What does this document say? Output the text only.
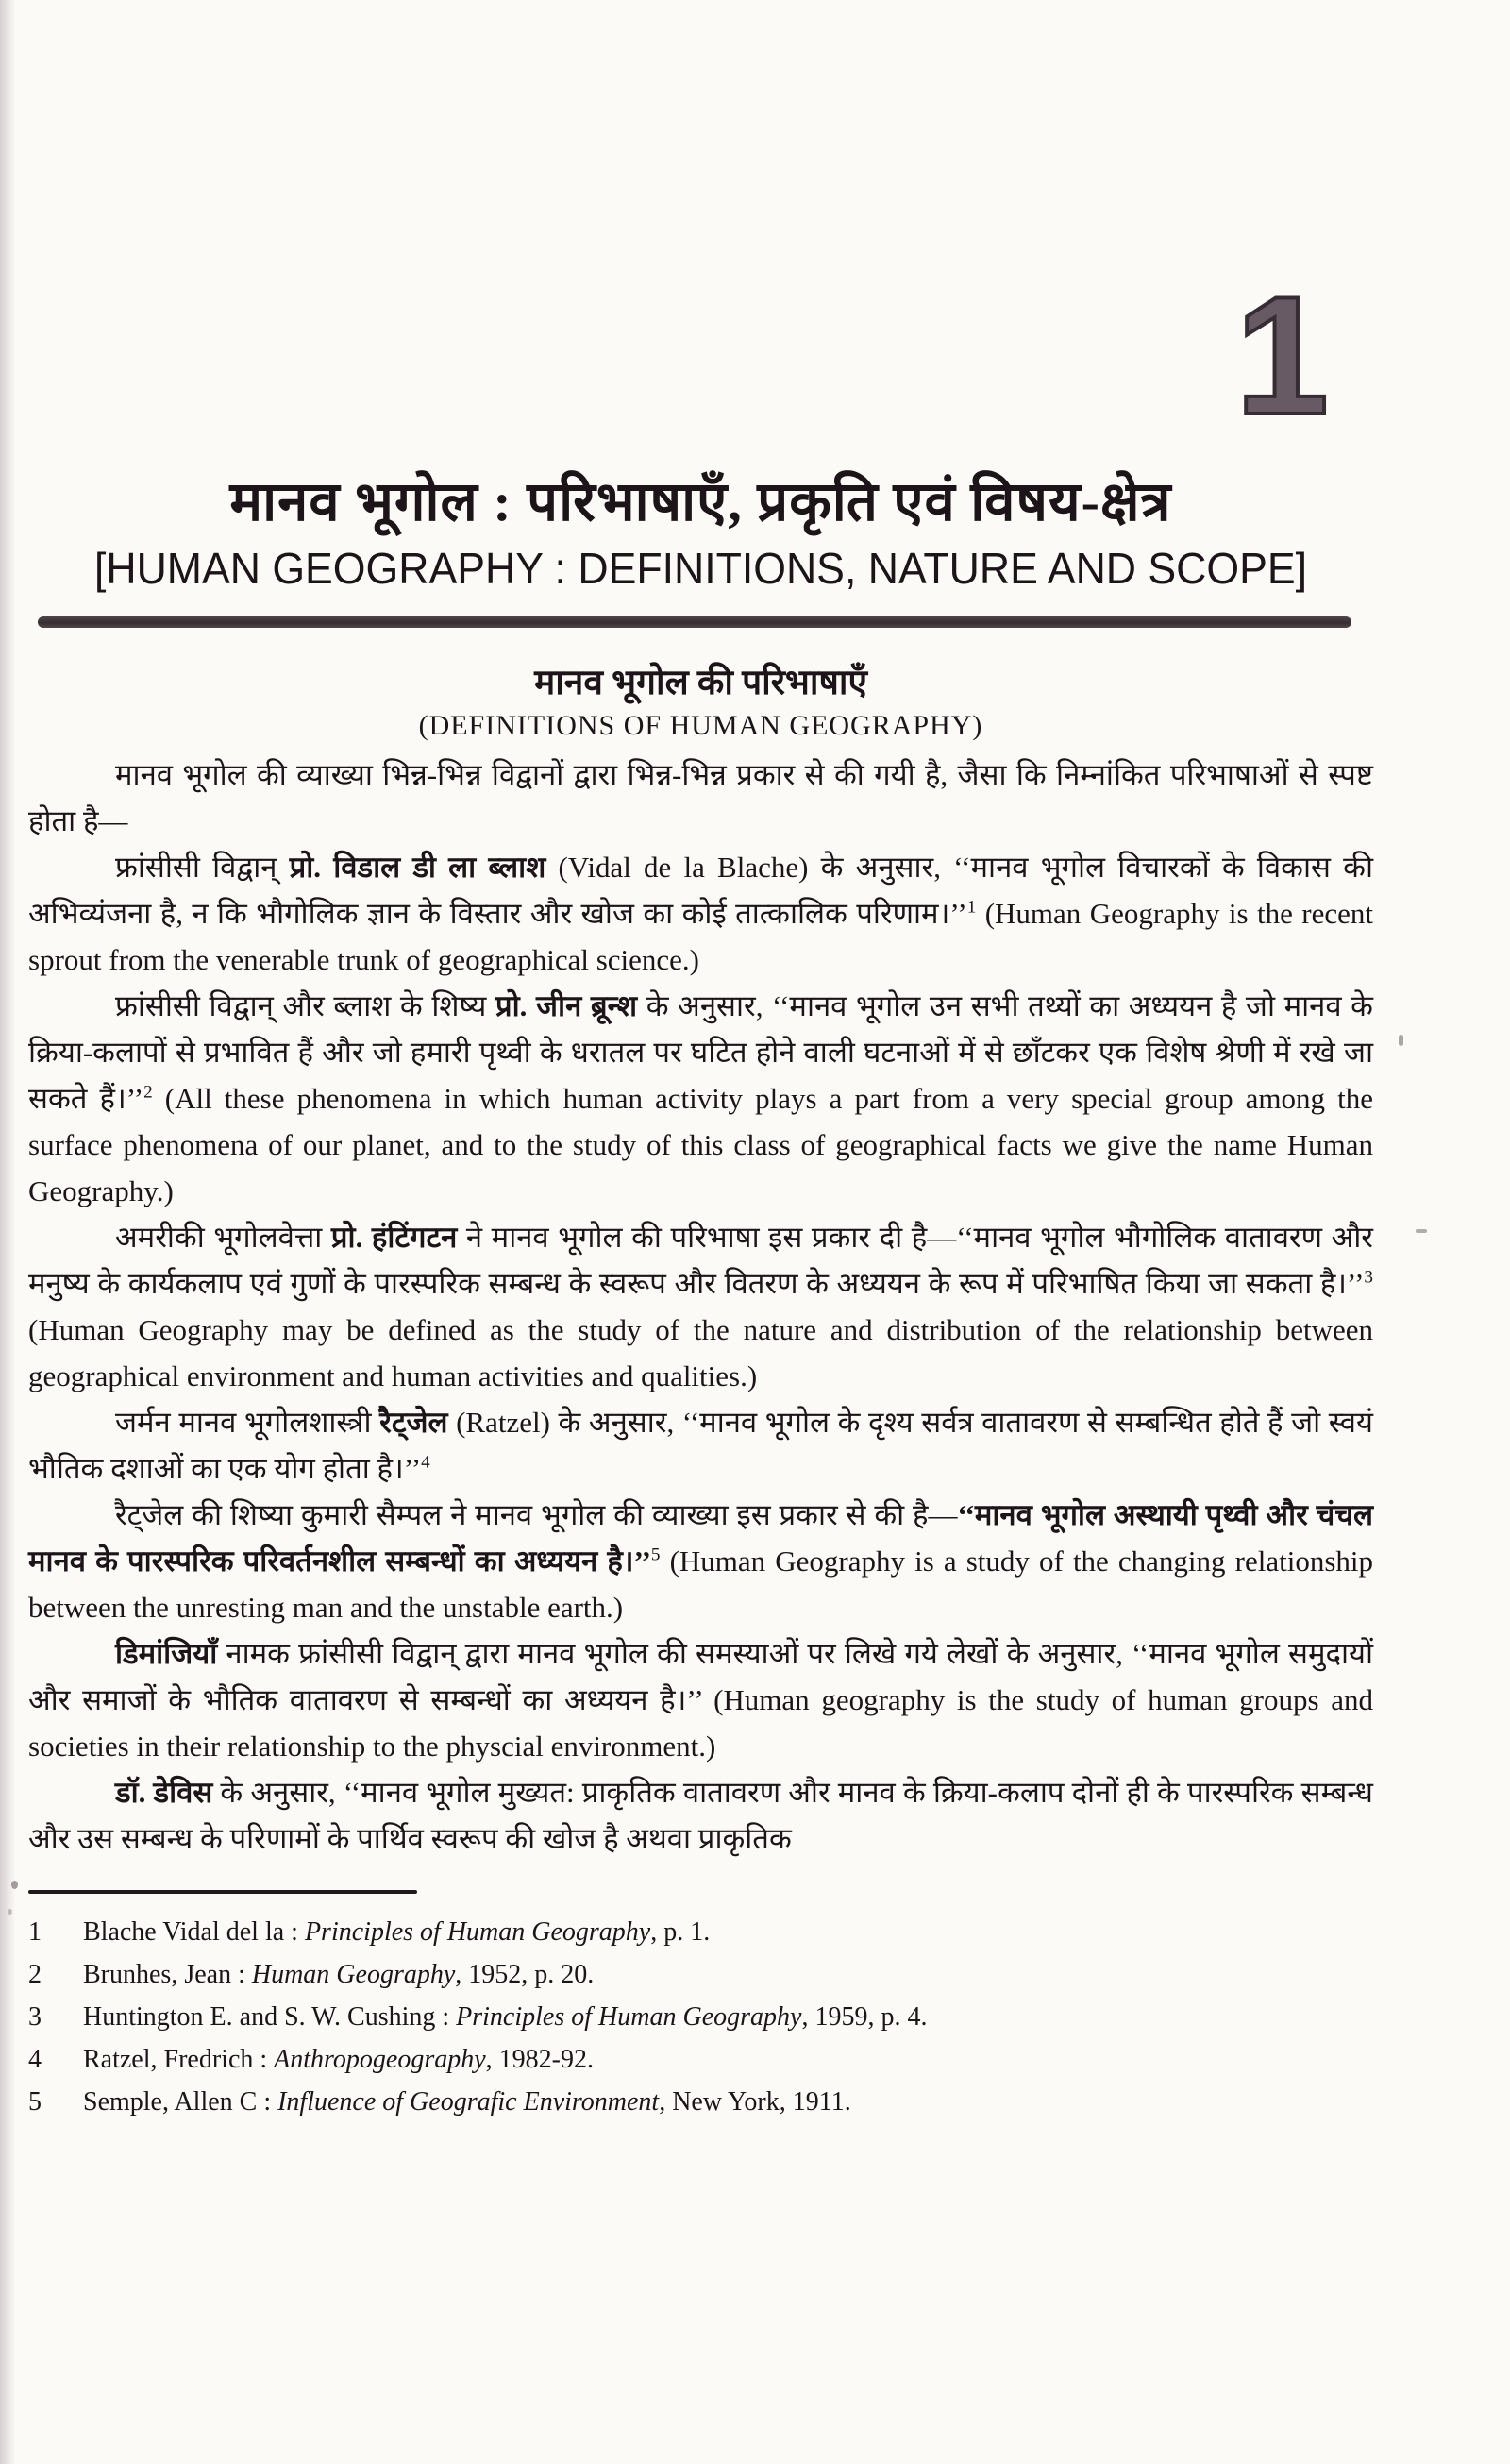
1
मानव भूगोल : परिभाषाएँ, प्रकृति एवं विषय-क्षेत्र
[HUMAN GEOGRAPHY : DEFINITIONS, NATURE AND SCOPE]
मानव भूगोल की परिभाषाएँ
(DEFINITIONS OF HUMAN GEOGRAPHY)

मानव भूगोल की व्याख्या भिन्न-भिन्न विद्वानों द्वारा भिन्न-भिन्न प्रकार से की गयी है, जैसा कि निम्नांकित परिभाषाओं से स्पष्ट होता है—

फ्रांसीसी विद्वान् प्रो. विडाल डी ला ब्लाश (Vidal de la Blache) के अनुसार, ‘‘मानव भूगोल विचारकों के विकास की अभिव्यंजना है, न कि भौगोलिक ज्ञान के विस्तार और खोज का कोई तात्कालिक परिणाम।’’$^1$ (Human Geography is the recent sprout from the venerable trunk of geographical science.)

फ्रांसीसी विद्वान् और ब्लाश के शिष्य प्रो. जीन ब्रून्श के अनुसार, ‘‘मानव भूगोल उन सभी तथ्यों का अध्ययन है जो मानव के क्रिया-कलापों से प्रभावित हैं और जो हमारी पृथ्वी के धरातल पर घटित होने वाली घटनाओं में से छाँटकर एक विशेष श्रेणी में रखे जा सकते हैं।’’$^2$ (All these phenomena in which human activity plays a part from a very special group among the surface phenomena of our planet, and to the study of this class of geographical facts we give the name Human Geography.)

अमरीकी भूगोलवेत्ता प्रो. हंटिंगटन ने मानव भूगोल की परिभाषा इस प्रकार दी है—‘‘मानव भूगोल भौगोलिक वातावरण और मनुष्य के कार्यकलाप एवं गुणों के पारस्परिक सम्बन्ध के स्वरूप और वितरण के अध्ययन के रूप में परिभाषित किया जा सकता है।’’$^3$ (Human Geography may be defined as the study of the nature and distribution of the relationship between geographical environment and human activities and qualities.)

जर्मन मानव भूगोलशास्त्री रैट्जेल (Ratzel) के अनुसार, ‘‘मानव भूगोल के दृश्य सर्वत्र वातावरण से सम्बन्धित होते हैं जो स्वयं भौतिक दशाओं का एक योग होता है।’’$^4$

रैट्जेल की शिष्या कुमारी सैम्पल ने मानव भूगोल की व्याख्या इस प्रकार से की है—‘‘मानव भूगोल अस्थायी पृथ्वी और चंचल मानव के पारस्परिक परिवर्तनशील सम्बन्धों का अध्ययन है।’’$^5$ (Human Geography is a study of the changing relationship between the unresting man and the unstable earth.)

डिमांजियाँ नामक फ्रांसीसी विद्वान् द्वारा मानव भूगोल की समस्याओं पर लिखे गये लेखों के अनुसार, ‘‘मानव भूगोल समुदायों और समाजों के भौतिक वातावरण से सम्बन्धों का अध्ययन है।’’ (Human geography is the study of human groups and societies in their relationship to the physcial environment.)

डॉ. डेविस के अनुसार, ‘‘मानव भूगोल मुख्यत: प्राकृतिक वातावरण और मानव के क्रिया-कलाप दोनों ही के पारस्परिक सम्बन्ध और उस सम्बन्ध के परिणामों के पार्थिव स्वरूप की खोज है अथवा प्राकृतिक

1	Blache Vidal del la : Principles of Human Geography, p. 1.
2	Brunhes, Jean : Human Geography, 1952, p. 20.
3	Huntington E. and S. W. Cushing : Principles of Human Geography, 1959, p. 4.
4	Ratzel, Fredrich : Anthropogeography, 1982-92.
5	Semple, Allen C : Influence of Geografic Environment, New York, 1911.
